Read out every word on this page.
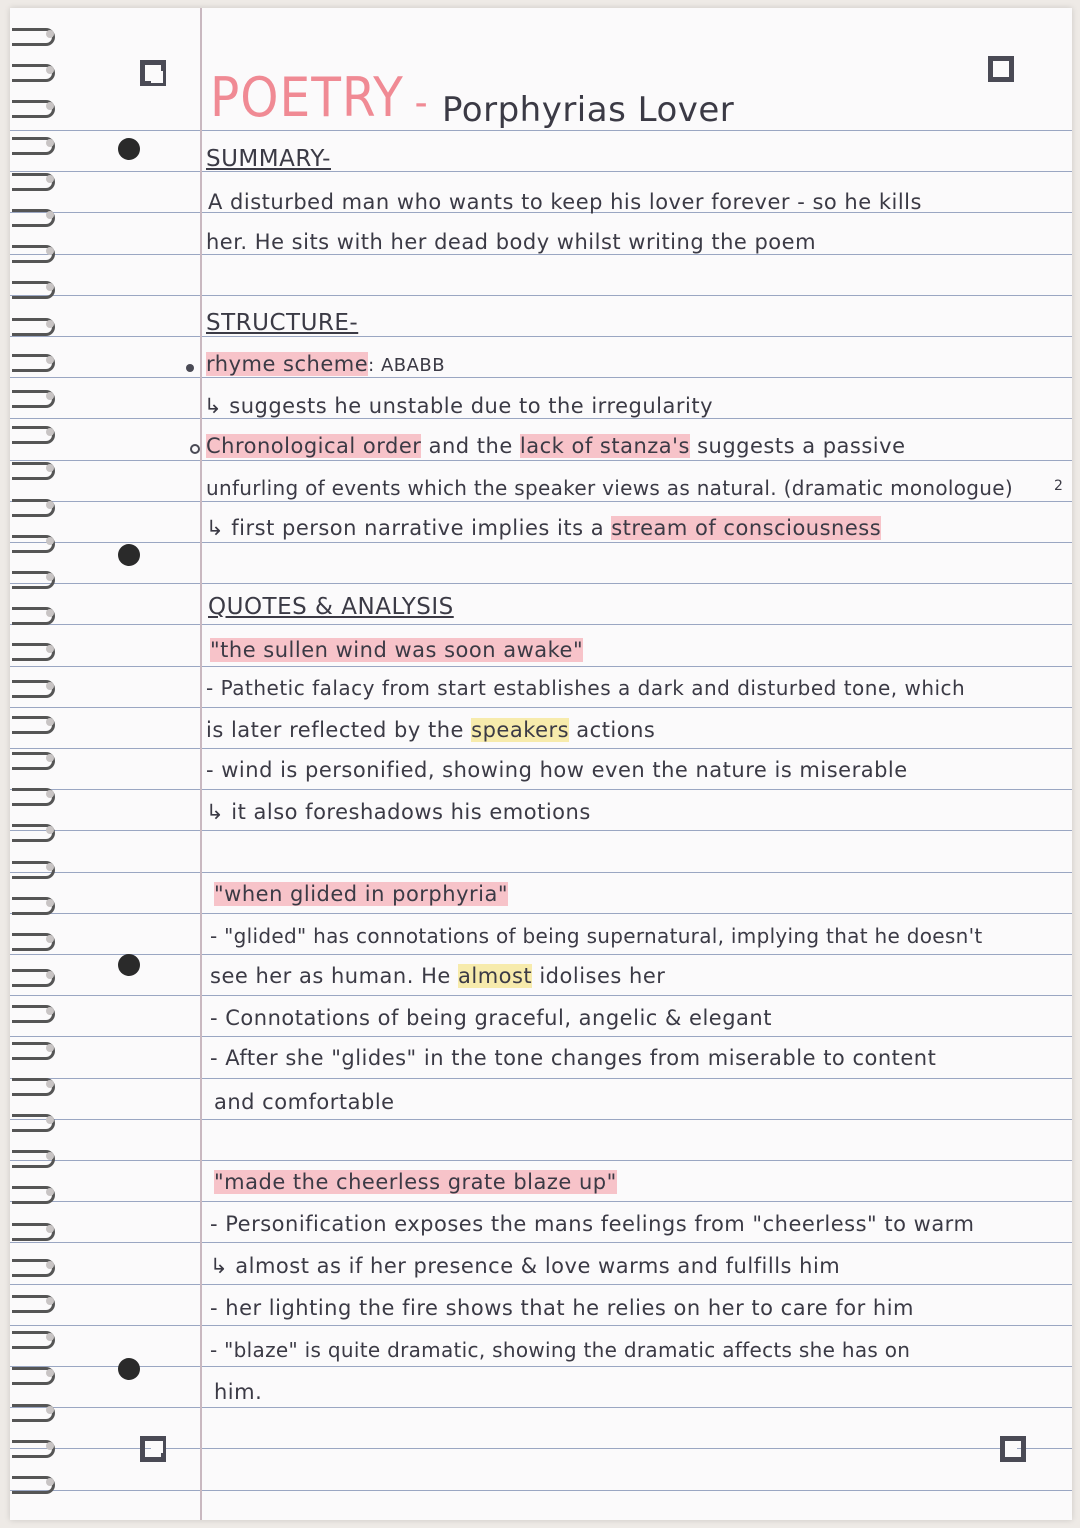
POETRY - Porphyrias Lover
SUMMARY-
A disturbed man who wants to keep his lover forever - so he kills
her. He sits with her dead body whilst writing the poem
STRUCTURE-
rhyme scheme: ABABB
↳ suggests he unstable due to the irregularity
Chronological order and the lack of stanza's suggests a passive
unfurling of events which the speaker views as natural. (dramatic monologue)	2
↳ first person narrative implies its a stream of consciousness
QUOTES & ANALYSIS
"the sullen wind was soon awake"
- Pathetic falacy from start establishes a dark and disturbed tone, which
is later reflected by the speakers actions
- wind is personified, showing how even the nature is miserable
↳ it also foreshadows his emotions
"when glided in porphyria"
- "glided" has connotations of being supernatural, implying that he doesn't
see her as human. He almost idolises her
- Connotations of being graceful, angelic & elegant
- After she "glides" in the tone changes from miserable to content
and comfortable
"made the cheerless grate blaze up"
- Personification exposes the mans feelings from "cheerless" to warm
↳ almost as if her presence & love warms and fulfills him
- her lighting the fire shows that he relies on her to care for him
- "blaze" is quite dramatic, showing the dramatic affects she has on
him.
